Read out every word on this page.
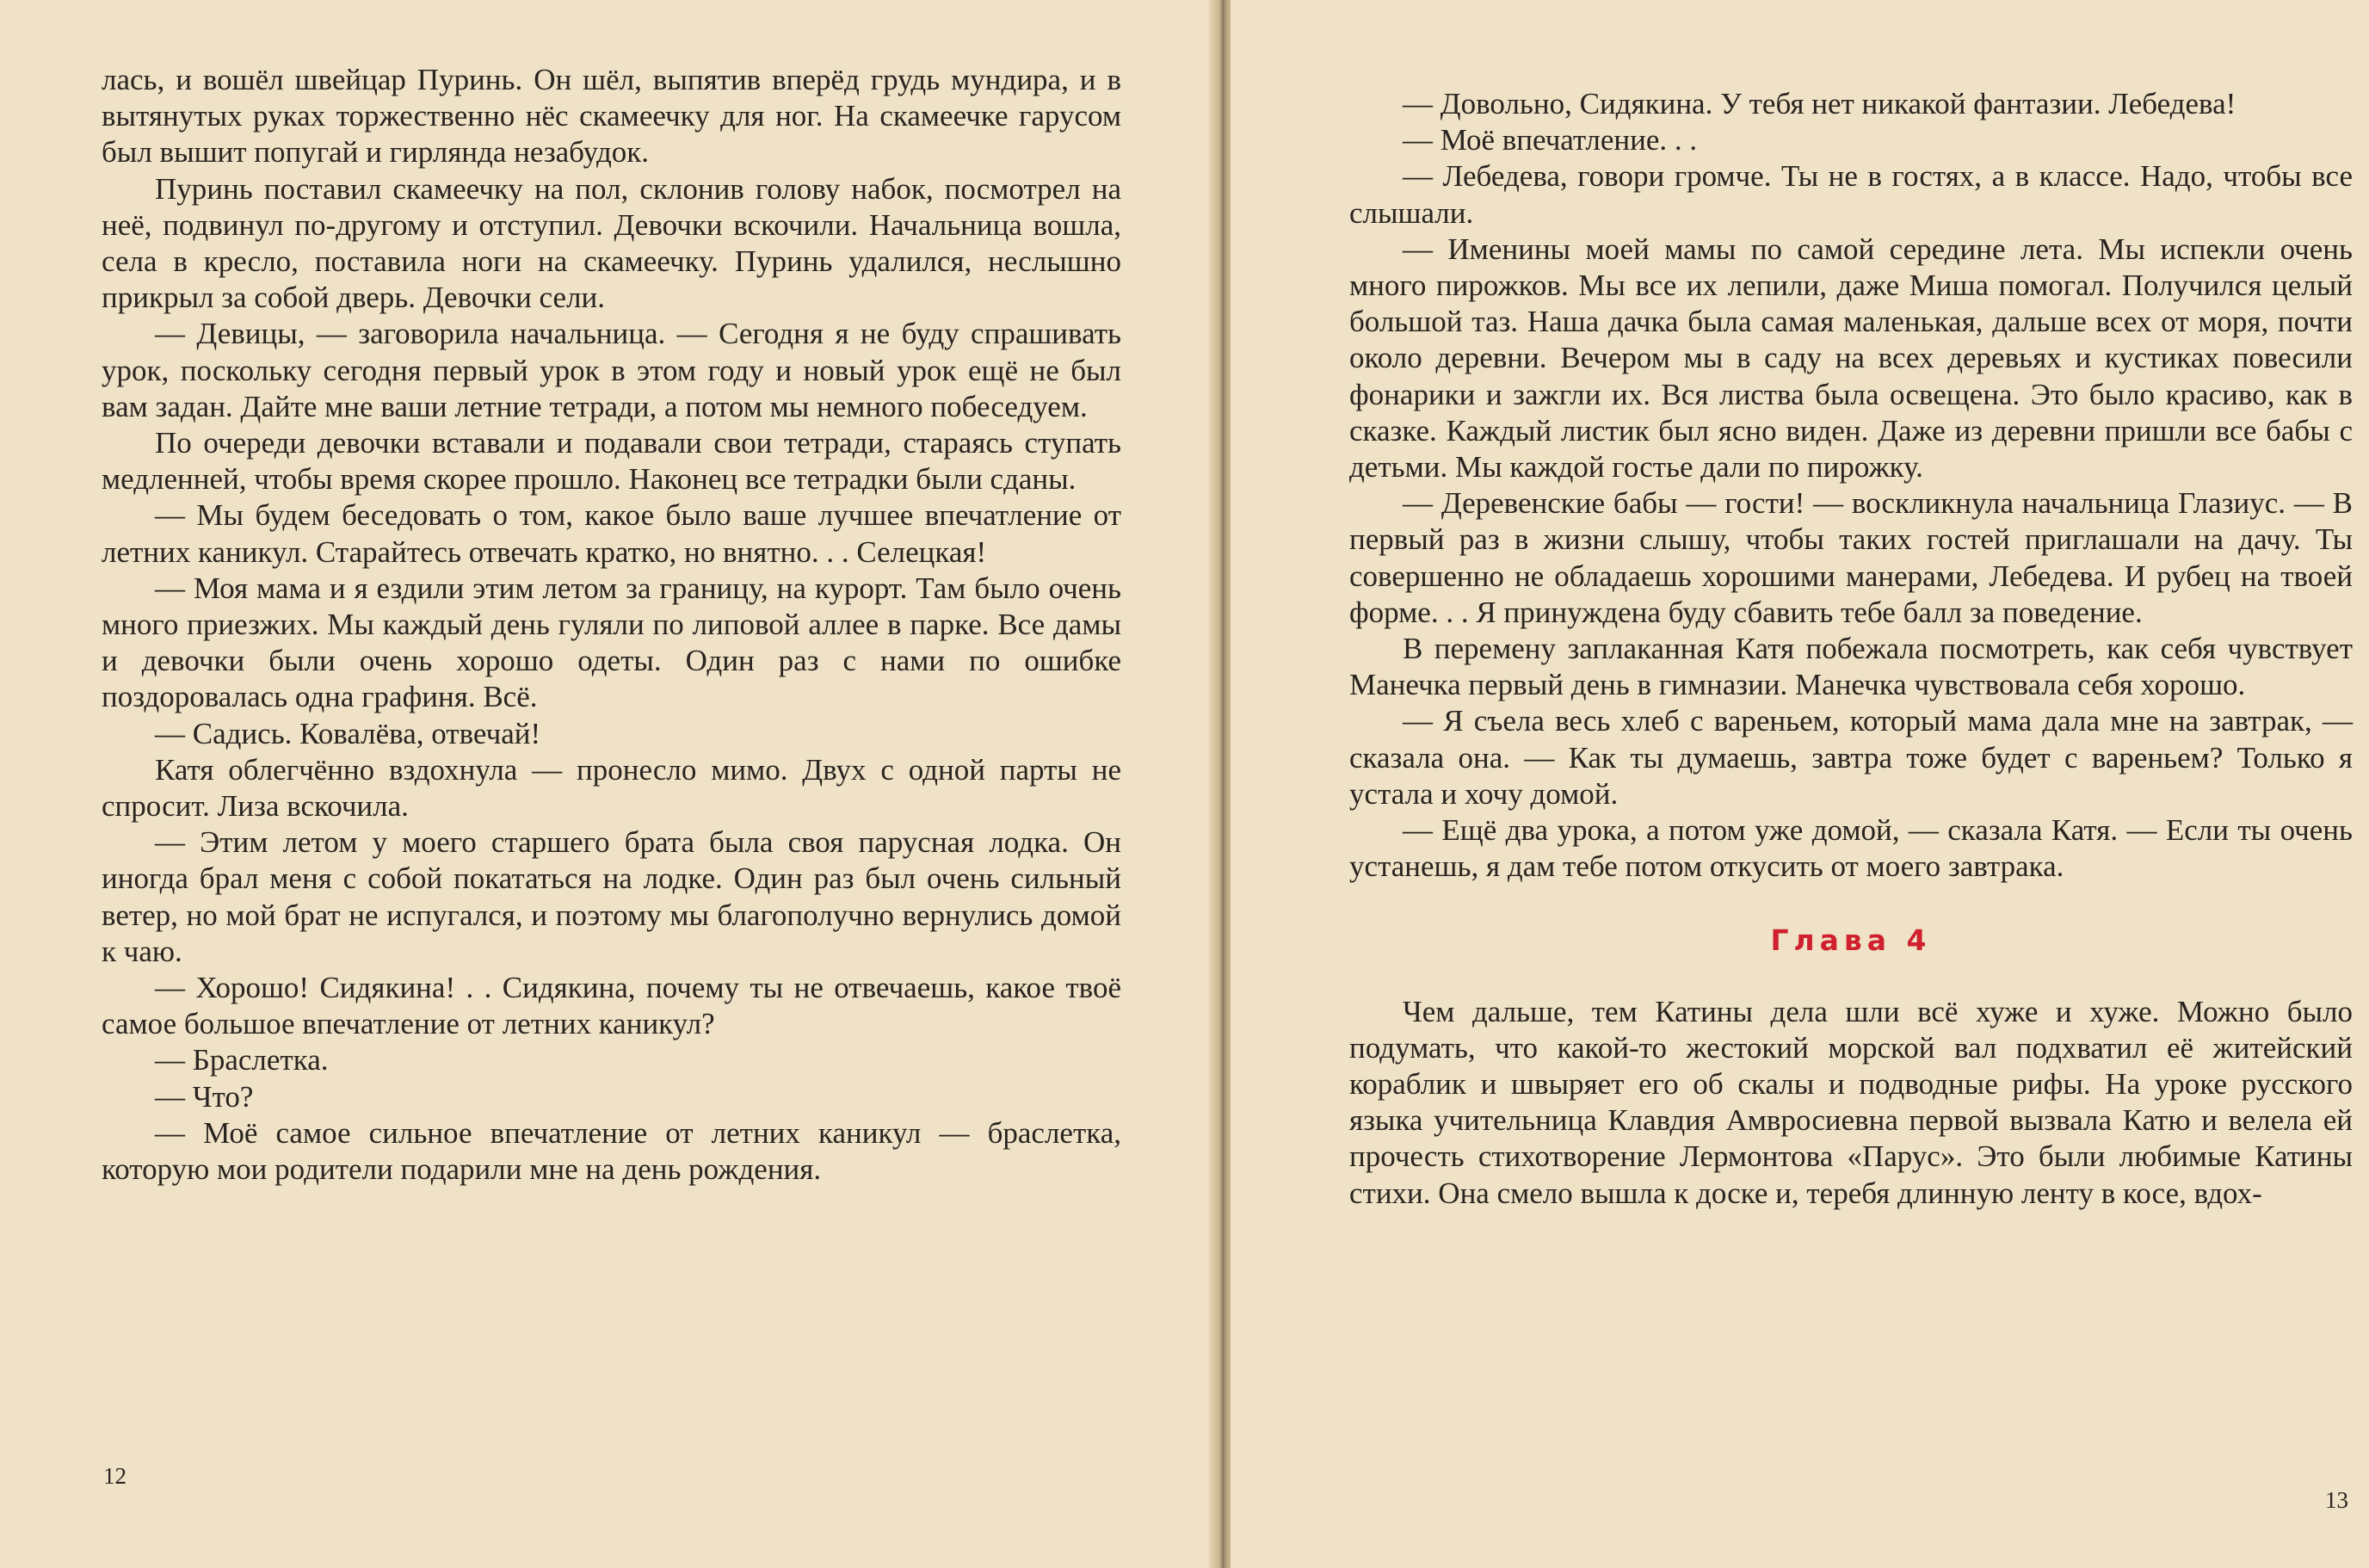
лась, и вошёл швейцар Пуринь. Он шёл, выпятив вперёд грудь мундира, и в вытянутых руках торжественно нёс скамеечку для ног. На скамеечке гарусом был вышит попугай и гирлянда незабудок.

Пуринь поставил скамеечку на пол, склонив голову набок, посмотрел на неё, подвинул по-другому и отступил. Девочки вскочили. Начальница вошла, села в кресло, поставила ноги на скамеечку. Пуринь удалился, неслышно прикрыл за собой дверь. Девочки сели.

— Девицы, — заговорила начальница. — Сегодня я не буду спрашивать урок, поскольку сегодня первый урок в этом году и новый урок ещё не был вам задан. Дайте мне ваши летние тетради, а потом мы немного побеседуем.

По очереди девочки вставали и подавали свои тетради, стараясь ступать медленней, чтобы время скорее прошло. Наконец все тетрадки были сданы.

— Мы будем беседовать о том, какое было ваше лучшее впечатление от летних каникул. Старайтесь отвечать кратко, но внятно. . . Селецкая!

— Моя мама и я ездили этим летом за границу, на курорт. Там было очень много приезжих. Мы каждый день гуляли по липовой аллее в парке. Все дамы и девочки были очень хорошо одеты. Один раз с нами по ошибке поздоровалась одна графиня. Всё.

— Садись. Ковалёва, отвечай!

Катя облегчённо вздохнула — пронесло мимо. Двух с одной парты не спросит. Лиза вскочила.

— Этим летом у моего старшего брата была своя парусная лодка. Он иногда брал меня с собой покататься на лодке. Один раз был очень сильный ветер, но мой брат не испугался, и поэтому мы благополучно вернулись домой к чаю.

— Хорошо! Сидякина! . . Сидякина, почему ты не отвечаешь, какое твоё самое большое впечатление от летних каникул?

— Браслетка.

— Что?

— Моё самое сильное впечатление от летних каникул — браслетка, которую мои родители подарили мне на день рождения.

12

— Довольно, Сидякина. У тебя нет никакой фантазии. Лебедева!

— Моё впечатление. . .

— Лебедева, говори громче. Ты не в гостях, а в классе. Надо, чтобы все слышали.

— Именины моей мамы по самой середине лета. Мы испекли очень много пирожков. Мы все их лепили, даже Миша помогал. Получился целый большой таз. Наша дачка была самая маленькая, дальше всех от моря, почти около деревни. Вечером мы в саду на всех деревьях и кустиках повесили фонарики и зажгли их. Вся листва была освещена. Это было красиво, как в сказке. Каждый листик был ясно виден. Даже из деревни пришли все бабы с детьми. Мы каждой гостье дали по пирожку.

— Деревенские бабы — гости! — воскликнула начальница Глазиус. — В первый раз в жизни слышу, чтобы таких гостей приглашали на дачу. Ты совершенно не обладаешь хорошими манерами, Лебедева. И рубец на твоей форме. . . Я принуждена буду сбавить тебе балл за поведение.

В перемену заплаканная Катя побежала посмотреть, как себя чувствует Манечка первый день в гимназии. Манечка чувствовала себя хорошо.

— Я съела весь хлеб с вареньем, который мама дала мне на завтрак, — сказала она. — Как ты думаешь, завтра тоже будет с вареньем? Только я устала и хочу домой.

— Ещё два урока, а потом уже домой, — сказала Катя. — Если ты очень устанешь, я дам тебе потом откусить от моего завтрака.

Глава 4

Чем дальше, тем Катины дела шли всё хуже и хуже. Можно было подумать, что какой-то жестокий морской вал подхватил её житейский кораблик и швыряет его об скалы и подводные рифы. На уроке русского языка учительница Клавдия Амвросиевна первой вызвала Катю и велела ей прочесть стихотворение Лермонтова «Парус». Это были любимые Катины стихи. Она смело вышла к доске и, теребя длинную ленту в косе, вдох-

13
